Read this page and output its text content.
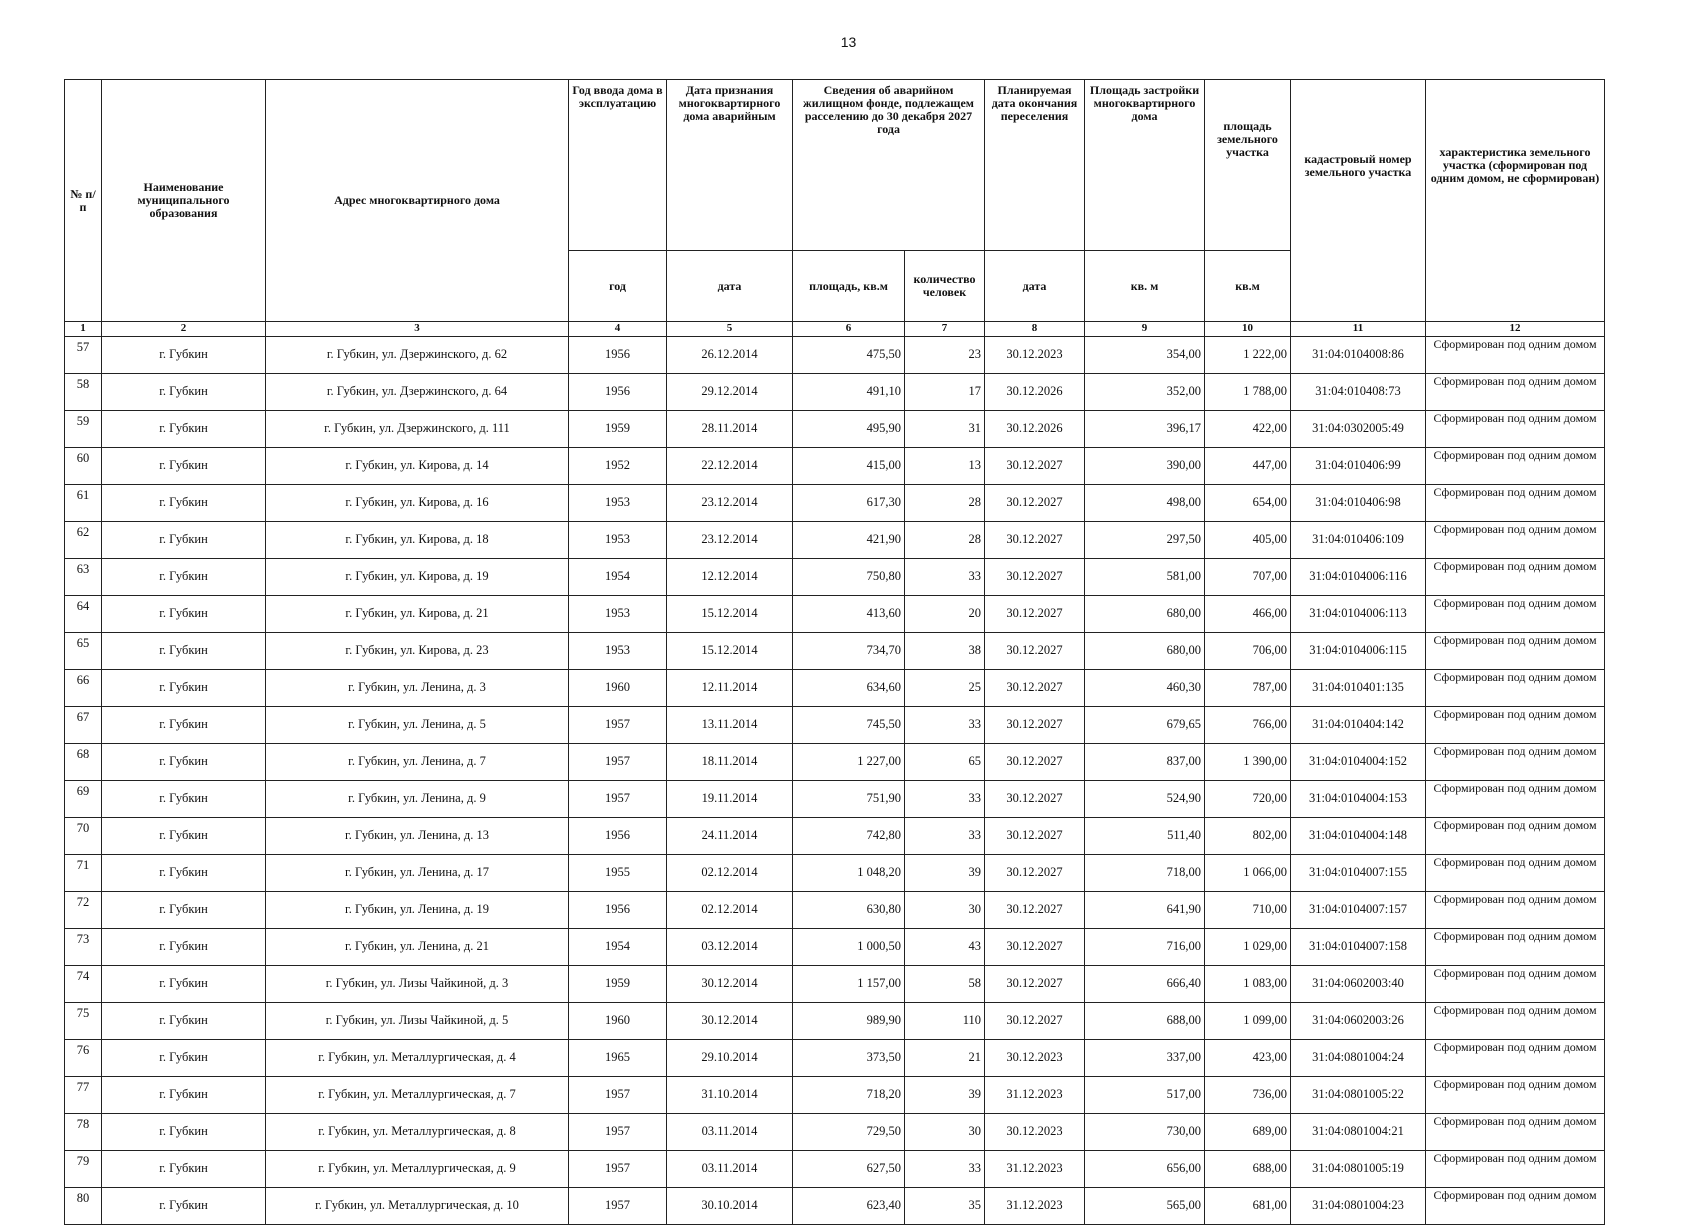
13
№ п/п	Наименование муниципального образования	Адрес многоквартирного дома	Год ввода дома в эксплуатацию	Дата признания многоквартирного дома аварийным	Сведения об аварийном жилищном фонде, подлежащем расселению до 30 декабря 2027 года		Планируемая дата окончания переселения	Площадь застройки многоквартирного дома	площадь земельного участка	кадастровый номер земельного участка	характеристика земельного участка (сформирован под одним домом, не сформирован)
			год	дата	площадь, кв.м	количество человек	дата	кв. м	кв.м		
1	2	3	4	5	6	7	8	9	10	11	12
57	г. Губкин	г. Губкин, ул. Дзержинского, д. 62	1956	26.12.2014	475,50	23	30.12.2023	354,00	1 222,00	31:04:0104008:86	Сформирован под одним домом
58	г. Губкин	г. Губкин, ул. Дзержинского, д. 64	1956	29.12.2014	491,10	17	30.12.2026	352,00	1 788,00	31:04:010408:73	Сформирован под одним домом
59	г. Губкин	г. Губкин, ул. Дзержинского, д. 111	1959	28.11.2014	495,90	31	30.12.2026	396,17	422,00	31:04:0302005:49	Сформирован под одним домом
60	г. Губкин	г. Губкин, ул. Кирова, д. 14	1952	22.12.2014	415,00	13	30.12.2027	390,00	447,00	31:04:010406:99	Сформирован под одним домом
61	г. Губкин	г. Губкин, ул. Кирова, д. 16	1953	23.12.2014	617,30	28	30.12.2027	498,00	654,00	31:04:010406:98	Сформирован под одним домом
62	г. Губкин	г. Губкин, ул. Кирова, д. 18	1953	23.12.2014	421,90	28	30.12.2027	297,50	405,00	31:04:010406:109	Сформирован под одним домом
63	г. Губкин	г. Губкин, ул. Кирова, д. 19	1954	12.12.2014	750,80	33	30.12.2027	581,00	707,00	31:04:0104006:116	Сформирован под одним домом
64	г. Губкин	г. Губкин, ул. Кирова, д. 21	1953	15.12.2014	413,60	20	30.12.2027	680,00	466,00	31:04:0104006:113	Сформирован под одним домом
65	г. Губкин	г. Губкин, ул. Кирова, д. 23	1953	15.12.2014	734,70	38	30.12.2027	680,00	706,00	31:04:0104006:115	Сформирован под одним домом
66	г. Губкин	г. Губкин, ул. Ленина, д. 3	1960	12.11.2014	634,60	25	30.12.2027	460,30	787,00	31:04:010401:135	Сформирован под одним домом
67	г. Губкин	г. Губкин, ул. Ленина, д. 5	1957	13.11.2014	745,50	33	30.12.2027	679,65	766,00	31:04:010404:142	Сформирован под одним домом
68	г. Губкин	г. Губкин, ул. Ленина, д. 7	1957	18.11.2014	1 227,00	65	30.12.2027	837,00	1 390,00	31:04:0104004:152	Сформирован под одним домом
69	г. Губкин	г. Губкин, ул. Ленина, д. 9	1957	19.11.2014	751,90	33	30.12.2027	524,90	720,00	31:04:0104004:153	Сформирован под одним домом
70	г. Губкин	г. Губкин, ул. Ленина, д. 13	1956	24.11.2014	742,80	33	30.12.2027	511,40	802,00	31:04:0104004:148	Сформирован под одним домом
71	г. Губкин	г. Губкин, ул. Ленина, д. 17	1955	02.12.2014	1 048,20	39	30.12.2027	718,00	1 066,00	31:04:0104007:155	Сформирован под одним домом
72	г. Губкин	г. Губкин, ул. Ленина, д. 19	1956	02.12.2014	630,80	30	30.12.2027	641,90	710,00	31:04:0104007:157	Сформирован под одним домом
73	г. Губкин	г. Губкин, ул. Ленина, д. 21	1954	03.12.2014	1 000,50	43	30.12.2027	716,00	1 029,00	31:04:0104007:158	Сформирован под одним домом
74	г. Губкин	г. Губкин, ул. Лизы Чайкиной, д. 3	1959	30.12.2014	1 157,00	58	30.12.2027	666,40	1 083,00	31:04:0602003:40	Сформирован под одним домом
75	г. Губкин	г. Губкин, ул. Лизы Чайкиной, д. 5	1960	30.12.2014	989,90	110	30.12.2027	688,00	1 099,00	31:04:0602003:26	Сформирован под одним домом
76	г. Губкин	г. Губкин, ул. Металлургическая, д. 4	1965	29.10.2014	373,50	21	30.12.2023	337,00	423,00	31:04:0801004:24	Сформирован под одним домом
77	г. Губкин	г. Губкин, ул. Металлургическая, д. 7	1957	31.10.2014	718,20	39	31.12.2023	517,00	736,00	31:04:0801005:22	Сформирован под одним домом
78	г. Губкин	г. Губкин, ул. Металлургическая, д. 8	1957	03.11.2014	729,50	30	30.12.2023	730,00	689,00	31:04:0801004:21	Сформирован под одним домом
79	г. Губкин	г. Губкин, ул. Металлургическая, д. 9	1957	03.11.2014	627,50	33	31.12.2023	656,00	688,00	31:04:0801005:19	Сформирован под одним домом
80	г. Губкин	г. Губкин, ул. Металлургическая, д. 10	1957	30.10.2014	623,40	35	31.12.2023	565,00	681,00	31:04:0801004:23	Сформирован под одним домом
